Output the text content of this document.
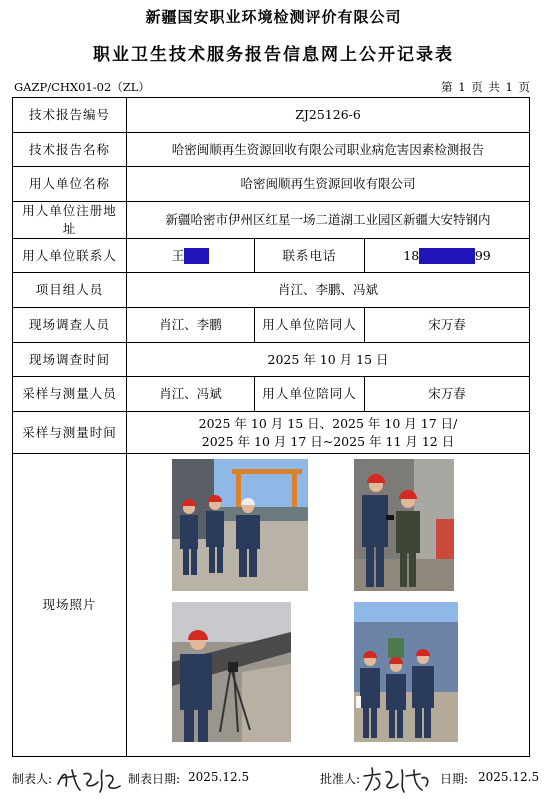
新疆国安职业环境检测评价有限公司
职业卫生技术服务报告信息网上公开记录表
GAZP/CHX01-02（ZL）	第 1 页 共 1 页
技术报告编号	ZJ25126-6		
技术报告名称	哈密闽顺再生资源回收有限公司职业病危害因素检测报告		
用人单位名称	哈密闽顺再生资源回收有限公司		
用人单位注册地址	新疆哈密市伊州区红星一场二道湖工业园区新疆大安特钢内		
用人单位联系人	王	联系电话	18 99
项目组人员	肖江、李鹏、冯斌		
现场调查人员	肖江、李鹏	用人单位陪同人	宋万春
现场调查时间	2025 年 10 月 15 日		
采样与测量人员	肖江、冯斌	用人单位陪同人	宋万春
采样与测量时间	2025 年 10 月 15 日、2025 年 10 月 17 日/
2025 年 10 月 17 日~2025 年 11 月 12 日		

现场照片	
制表人:	制表日期: 2025.12.5	批准人:	日期: 2025.12.5
